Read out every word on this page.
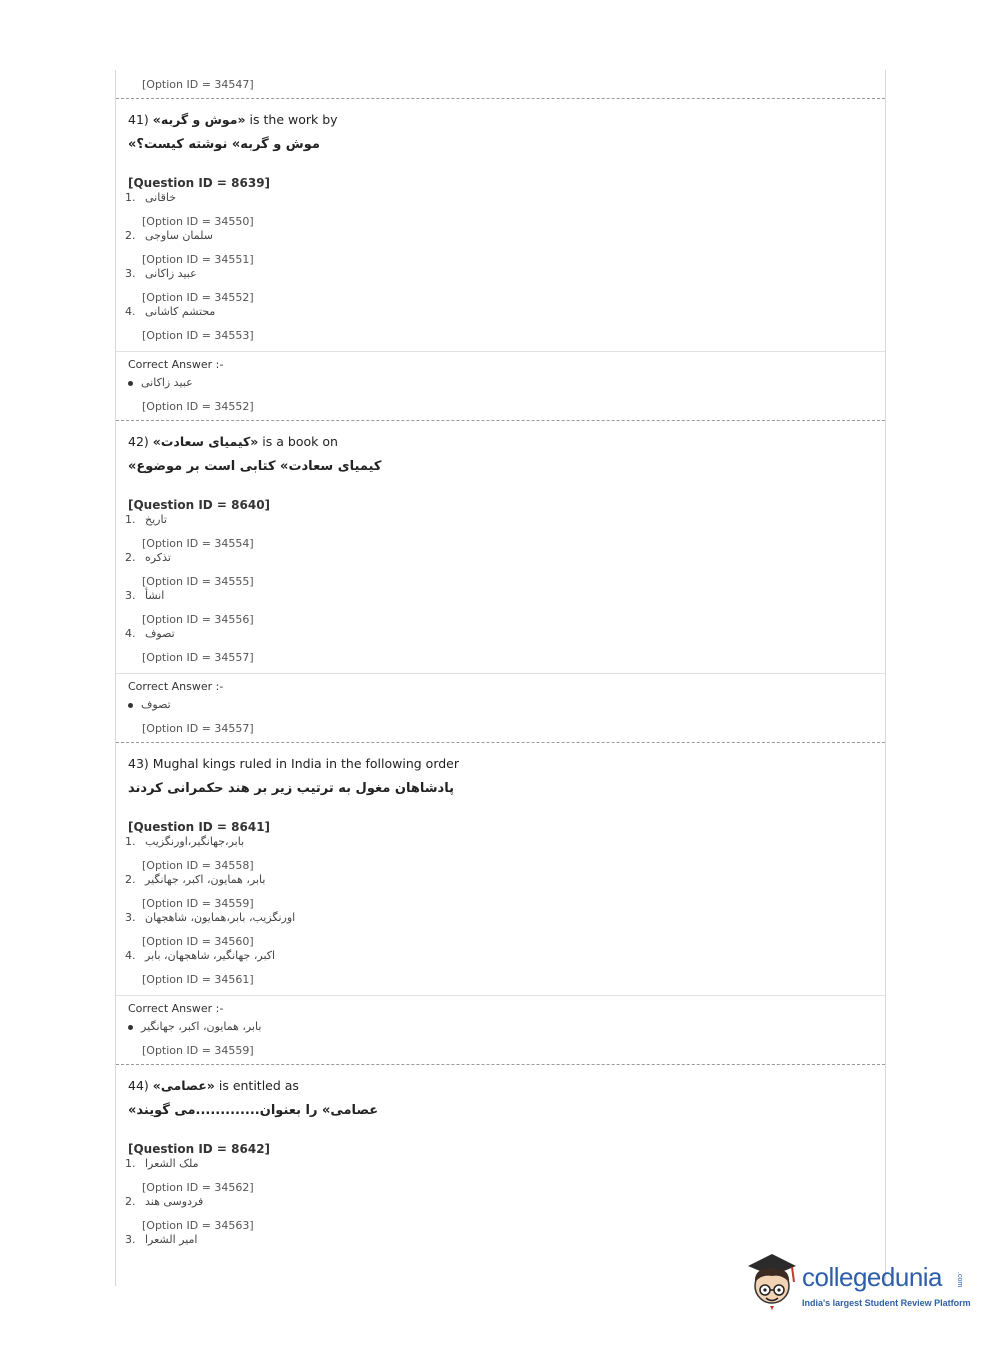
[Option ID = 34547]
41) «موش و گربه» is the work by
«موش و گربه» نوشته کیست؟
[Question ID = 8639]
1. خاقانی
[Option ID = 34550]
2. سلمان ساوجی
[Option ID = 34551]
3. عبید زاکانی
[Option ID = 34552]
4. محتشم کاشانی
[Option ID = 34553]
Correct Answer :-
عبید زاکانی
[Option ID = 34552]
42) «کیمیای سعادت» is a book on
«کیمیای سعادت» کتابی است بر موضوع
[Question ID = 8640]
1. تاریخ
[Option ID = 34554]
2. تذکره
[Option ID = 34555]
3. انشأ
[Option ID = 34556]
4. تصوف
[Option ID = 34557]
Correct Answer :-
تصوف
[Option ID = 34557]
43) Mughal kings ruled in India in the following order
پادشاهان مغول به ترتیب زیر بر هند حکمرانی کردند
[Question ID = 8641]
1. بابر،جهانگیر،اورنگزیب
[Option ID = 34558]
2. بابر، همایون، اکبر، جهانگیر
[Option ID = 34559]
3. اورنگزیب، بابر،همایون، شاهجهان
[Option ID = 34560]
4. اکبر، جهانگیر، شاهجهان، بابر
[Option ID = 34561]
Correct Answer :-
بابر، همایون، اکبر، جهانگیر
[Option ID = 34559]
44) «عصامی» is entitled as
«عصامی» را بعنوان.............می گویند
[Question ID = 8642]
1. ملک الشعرا
[Option ID = 34562]
2. فردوسی هند
[Option ID = 34563]
3. امیر الشعرا
collegedunia .com
India's largest Student Review Platform
